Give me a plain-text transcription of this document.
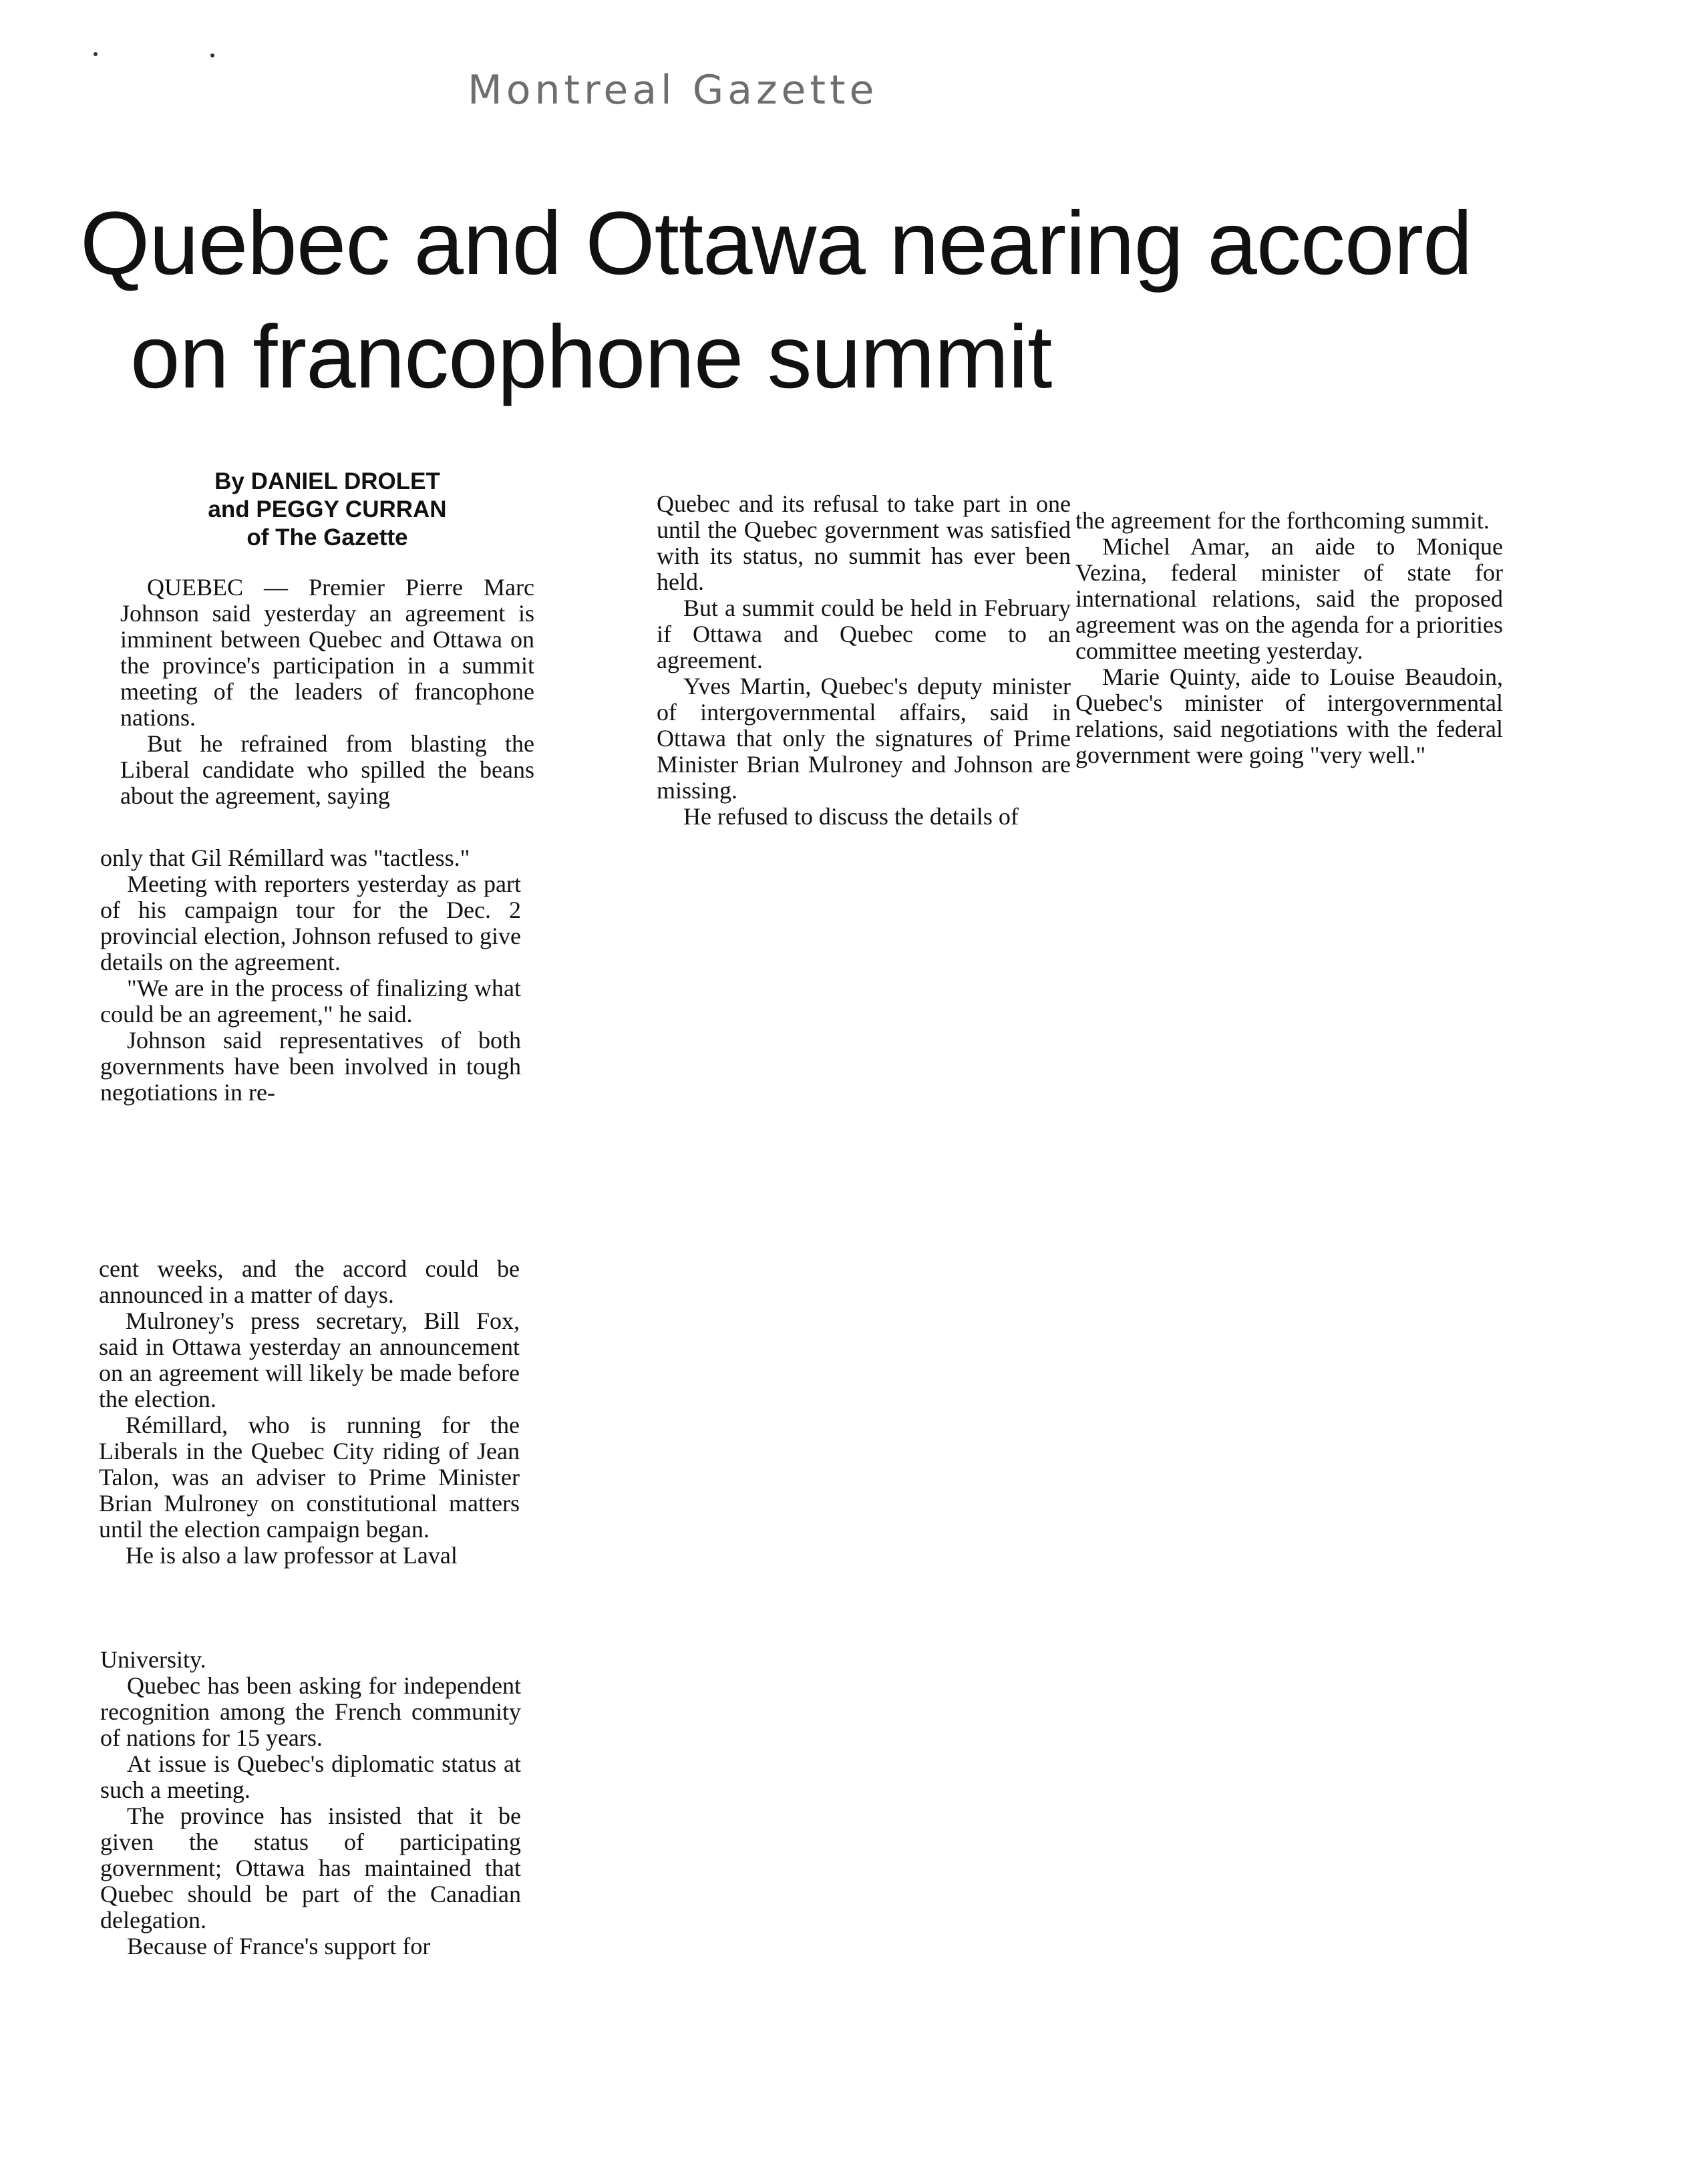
Montreal Gazette
Quebec and Ottawa nearing accord
on francophone summit
By DANIEL DROLET
and PEGGY CURRAN
of The Gazette

QUEBEC — Premier Pierre Marc Johnson said yesterday an agreement is imminent between Quebec and Ottawa on the province's participation in a summit meeting of the leaders of francophone nations.

But he refrained from blasting the Liberal candidate who spilled the beans about the agreement, saying

only that Gil Rémillard was "tactless."

Meeting with reporters yesterday as part of his campaign tour for the Dec. 2 provincial election, Johnson refused to give details on the agreement.

"We are in the process of finalizing what could be an agreement," he said.

Johnson said representatives of both governments have been involved in tough negotiations in re-

cent weeks, and the accord could be announced in a matter of days.

Mulroney's press secretary, Bill Fox, said in Ottawa yesterday an announcement on an agreement will likely be made before the election.

Rémillard, who is running for the Liberals in the Quebec City riding of Jean Talon, was an adviser to Prime Minister Brian Mulroney on constitutional matters until the election campaign began.

He is also a law professor at Laval

University.

Quebec has been asking for independent recognition among the French community of nations for 15 years.

At issue is Quebec's diplomatic status at such a meeting.

The province has insisted that it be given the status of participating government; Ottawa has maintained that Quebec should be part of the Canadian delegation.

Because of France's support for

Quebec and its refusal to take part in one until the Quebec government was satisfied with its status, no summit has ever been held.

But a summit could be held in February if Ottawa and Quebec come to an agreement.

Yves Martin, Quebec's deputy minister of intergovernmental affairs, said in Ottawa that only the signatures of Prime Minister Brian Mulroney and Johnson are missing.

He refused to discuss the details of

the agreement for the forthcoming summit.

Michel Amar, an aide to Monique Vezina, federal minister of state for international relations, said the proposed agreement was on the agenda for a priorities committee meeting yesterday.

Marie Quinty, aide to Louise Beaudoin, Quebec's minister of intergovernmental relations, said negotiations with the federal government were going "very well."
